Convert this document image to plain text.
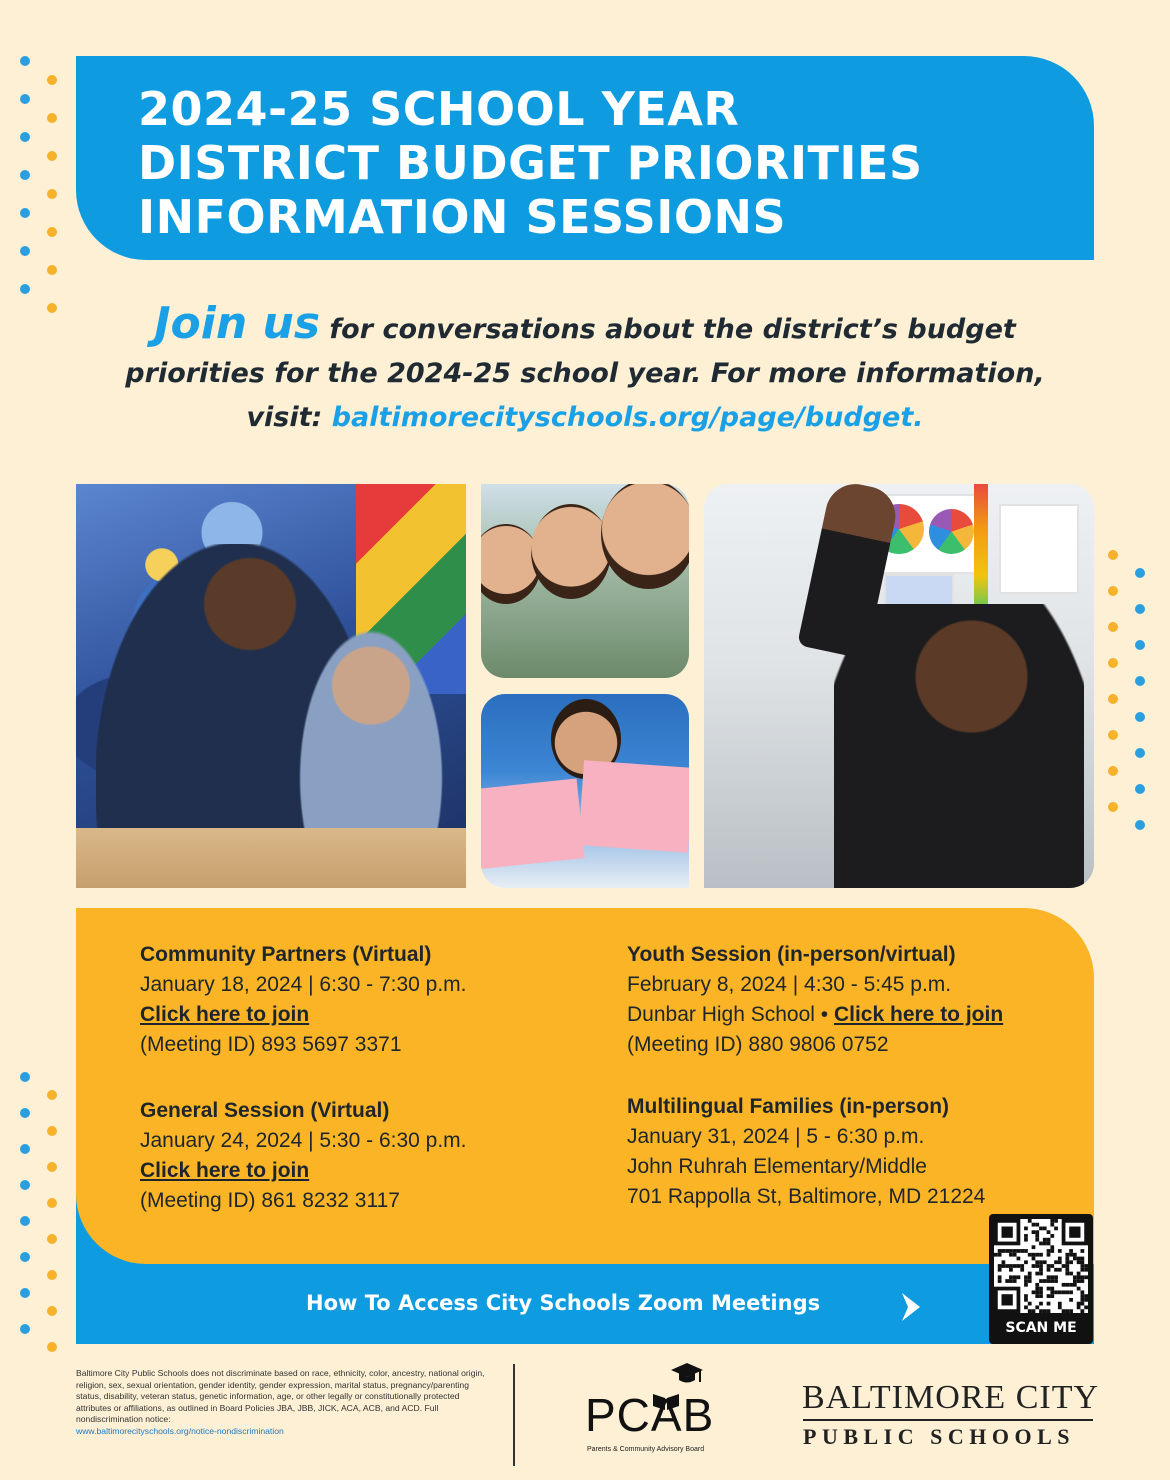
2024-25 SCHOOL YEAR
DISTRICT BUDGET PRIORITIES
INFORMATION SESSIONS
Join us for conversations about the district’s budget
priorities for the 2024-25 school year. For more information,
visit: baltimorecityschools.org/page/budget.
Community Partners (Virtual)
January 18, 2024 | 6:30 - 7:30 p.m.
Click here to join
(Meeting ID) 893 5697 3371
General Session (Virtual)
January 24, 2024 | 5:30 - 6:30 p.m.
Click here to join
(Meeting ID) 861 8232 3117
Youth Session (in-person/virtual)
February 8, 2024 | 4:30 - 5:45 p.m.
Dunbar High School • Click here to join
(Meeting ID) 880 9806 0752
Multilingual Families (in-person)
January 31, 2024 | 5 - 6:30 p.m.
John Ruhrah Elementary/Middle
701 Rappolla St, Baltimore, MD 21224
How To Access City Schools Zoom Meetings
SCAN ME
Baltimore City Public Schools does not discriminate based on race, ethnicity, color, ancestry, national origin, religion, sex, sexual orientation, gender identity, gender expression, marital status, pregnancy/parenting status, disability, veteran status, genetic information, age, or other legally or constitutionally protected attributes or affiliations, as outlined in Board Policies JBA, JBB, JICK, ACA, ACB, and ACD. Full nondiscrimination notice:
www.baltimorecityschools.org/notice-nondiscrimination	PCAB
Parents & Community Advisory Board
BALTIMORE CITY
PUBLIC SCHOOLS
